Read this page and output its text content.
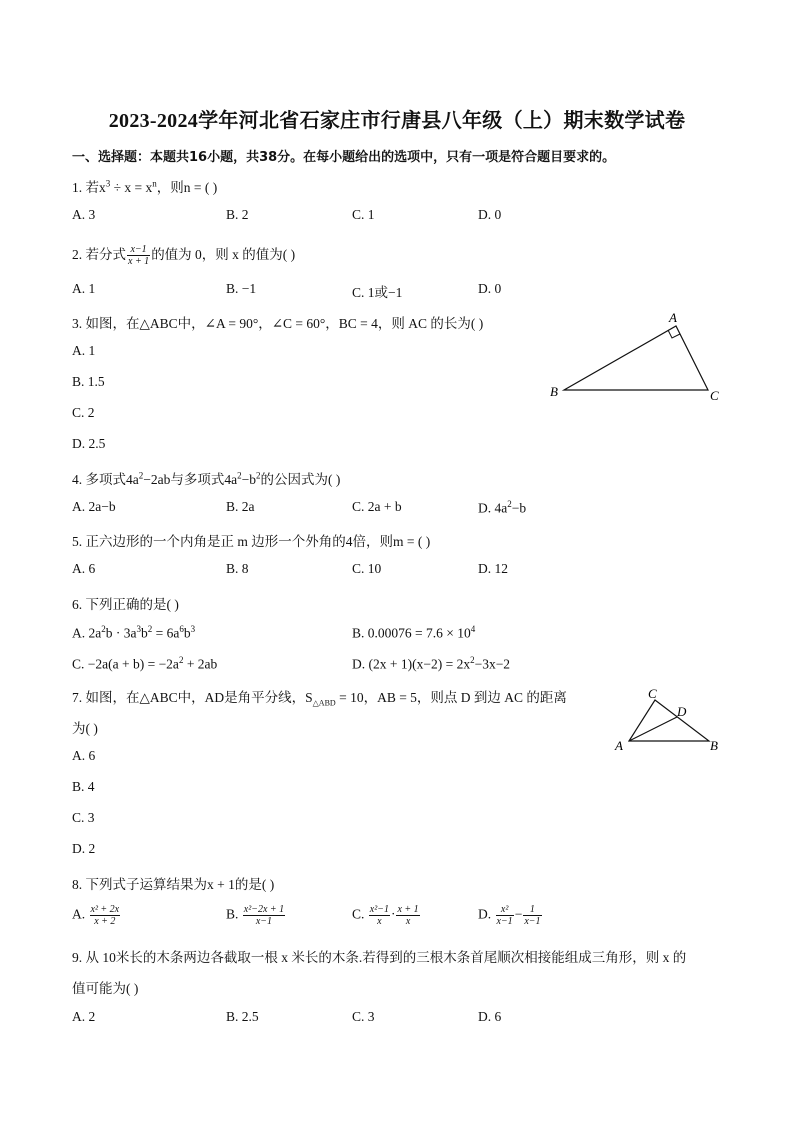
2023-2024学年河北省石家庄市行唐县八年级（上）期末数学试卷
一、选择题：本题共16小题，共38分。在每小题给出的选项中，只有一项是符合题目要求的。
1. 若$x^3 \div x = x^n$，则n = ( )
A. 3	B. 2	C. 1	D. 0
2. 若分式 $\frac{x-1}{x + 1}$ 的值为 0，则 x 的值为( )
A. 1	B. −1	C. 1或−1	D. 0
3. 如图，在△ABC中，∠A = 90°，∠C = 60°，BC = 4，则 AC 的长为( )
A. 1
B. 1.5
C. 2
D. 2.5
A
B	C
4. 多项式$4a^2-2ab$与多项式$4a^2-b^2$的公因式为( )
A. 2a−b	B. 2a	C. 2a + b	D. $4a^2-b$
5. 正六边形的一个内角是正 m 边形一个外角的4倍，则m = ( )
A. 6	B. 8	C. 10	D. 12
6. 下列正确的是( )
A. $2a^2b \cdot 3a^3b^2 = 6a^6b^3$	B. $0.00076 = 7.6 \times 10^4$
C. $-2a(a + b) = -2a^2 + 2ab$	D. $(2x + 1)(x-2) = 2x^2-3x-2$
7. 如图，在△ABC中，AD是角平分线，$S_{\triangle ABD} = 10$，AB = 5，则点 D 到边 AC 的距离
为( )
A. 6
B. 4
C. 3
D. 2
C
D
A	B
8. 下列式子运算结果为x + 1的是( )
A. $\frac{\text{x² + 2x}}{x + 2}$	B. $\frac{\text{x²−2x + 1}}{x-1}$	C. $\frac{\text{x²−1}}{x} \cdot \frac{x + 1}{x}$	D. $\frac{\text{x²}}{x-1} - \frac{1}{x-1}$
9. 从 10米长的木条两边各截取一根 x 米长的木条.若得到的三根木条首尾顺次相接能组成三角形，则 x 的
值可能为( )
A. 2	B. 2.5	C. 3	D. 6
